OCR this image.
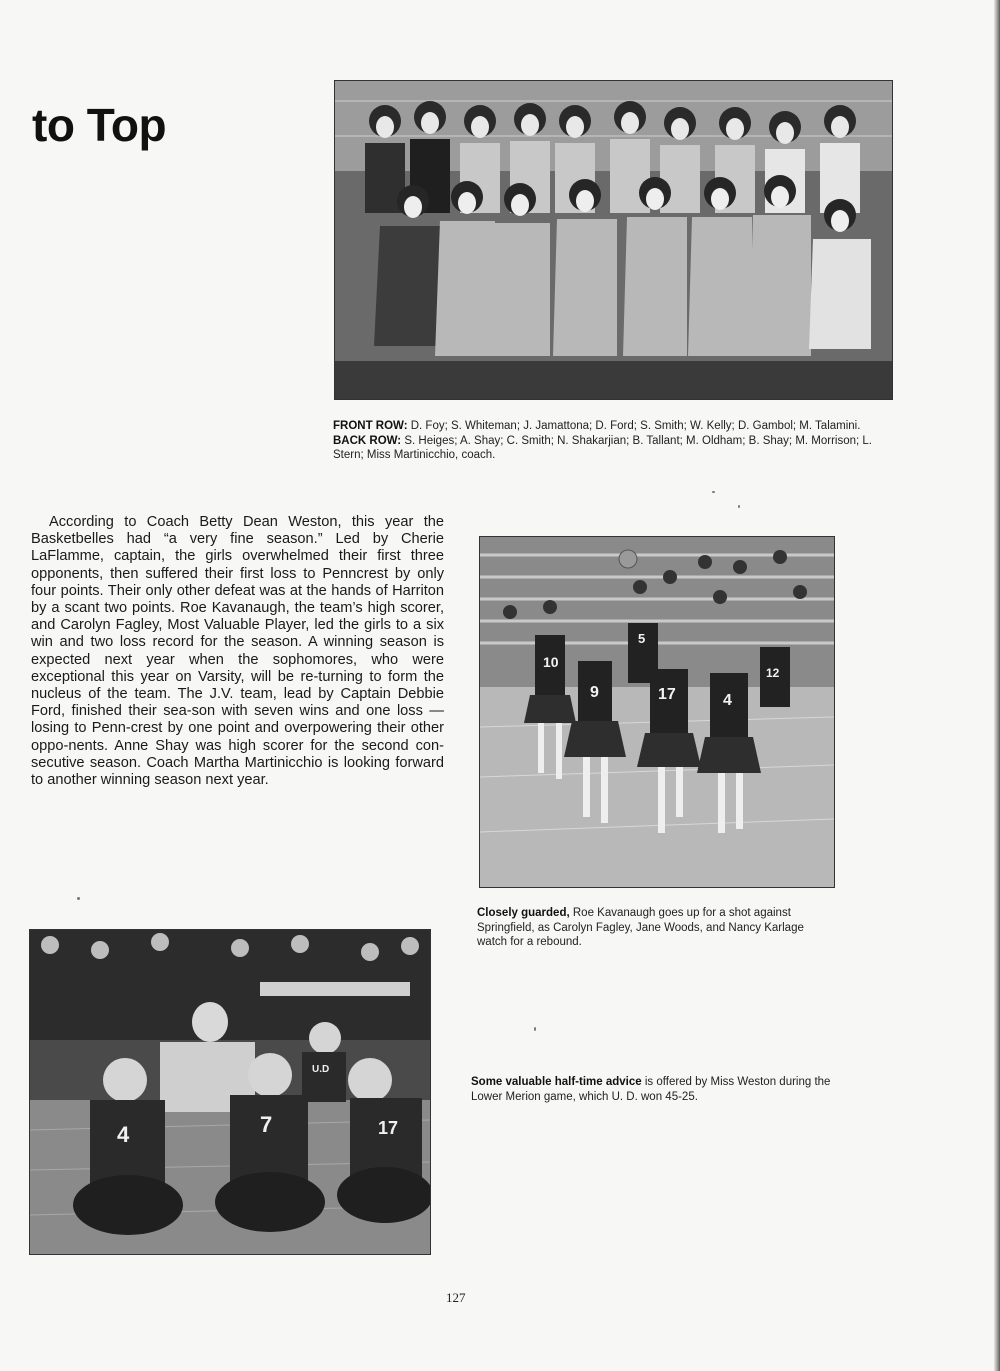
to Top

FRONT ROW: D. Foy; S. Whiteman; J. Jamattona; D. Ford; S. Smith; W. Kelly; D. Gambol; M. Talamini. BACK ROW: S. Heiges; A. Shay; C. Smith; N. Shakarjian; B. Tallant; M. Oldham; B. Shay; M. Morrison; L. Stern; Miss Martinicchio, coach.

According to Coach Betty Dean Weston, this year the Basketbelles had “a very fine season.” Led by Cherie LaFlamme, captain, the girls overwhelmed their first three opponents, then suffered their first loss to Penncrest by only four points. Their only other defeat was at the hands of Harriton by a scant two points. Roe Kavanaugh, the team’s high scorer, and Carolyn Fagley, Most Valuable Player, led the girls to a six win and two loss record for the season. A winning season is expected next year when the sophomores, who were exceptional this year on Varsity, will be re-turning to form the nucleus of the team. The J.V. team, lead by Captain Debbie Ford, finished their sea-son with seven wins and one loss — losing to Penn-crest by one point and overpowering their other oppo-nents. Anne Shay was high scorer for the second con-secutive season. Coach Martha Martinicchio is looking forward to another winning season next year.

10
5
9	17	4
12

Closely guarded, Roe Kavanaugh goes up for a shot against Springfield, as Carolyn Fagley, Jane Woods, and Nancy Karlage watch for a rebound.

4	7	17
U.D

Some valuable half-time advice is offered by Miss Weston during the Lower Merion game, which U. D. won 45-25.

127
